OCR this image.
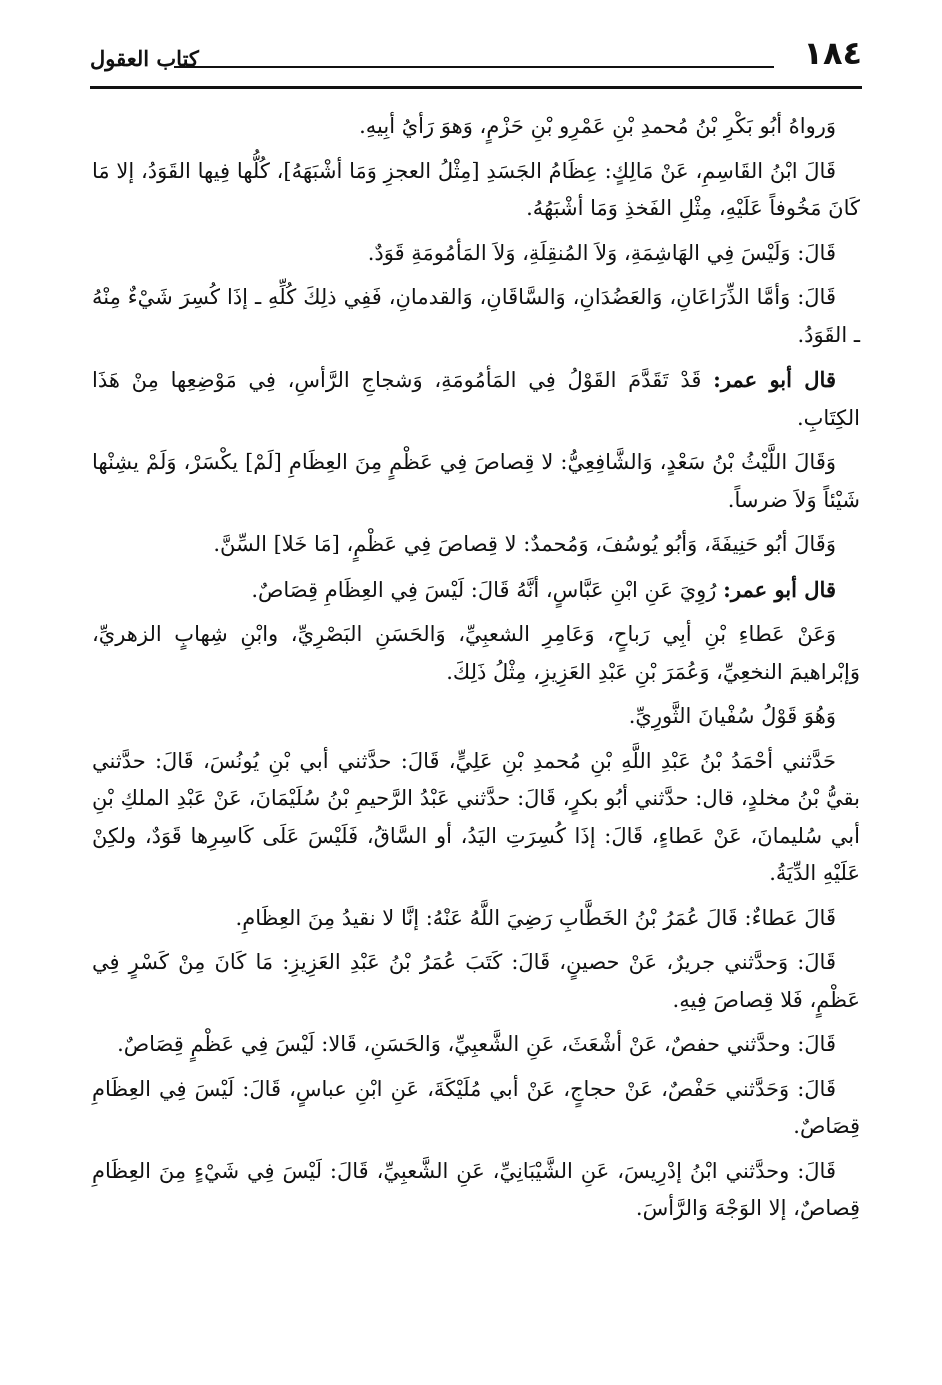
١٨٤
كتاب العقول

وَرواهُ أبُو بَكْرِ بْنُ مُحمدِ بْنِ عَمْرِو بْنِ حَزْمٍ، وَهوَ رَأيُ أبِيهِ.

قَالَ ابْنُ القَاسِمِ، عَنْ مَالِكٍ: عِظَامُ الجَسَدِ [مِثْلُ العجزِ وَمَا أشْبَهَهُ]، كُلُّها فِيها القَوَدُ، إلا مَا كَانَ مَخُوفاً عَلَيْهِ، مِثْلِ الفَخذِ وَمَا أشْبَهُهُ.

قَالَ: وَلَيْسَ فِي الهَاشِمَةِ، وَلاَ المُنقِلَةِ، وَلاَ المَأمُومَةِ قَوَدٌ.

قَالَ: وَأمَّا الذِّرَاعَانِ، وَالعَضُدَانِ، وَالسَّاقَانِ، وَالقدمانِ، فَفِي ذلِكَ كُلِّهِ ـ إذَا كُسِرَ شَيْءٌ مِنْهُ ـ القَوَدُ.

قال أبو عمر: قَدْ تَقَدَّمَ القَوْلُ فِي المَأمُومَةِ، وَشجاجِ الرَّأسِ، فِي مَوْضِعِها مِنْ هَذَا الكِتَابِ.

وَقَالَ اللَّيْثُ بْنُ سَعْدٍ، وَالشَّافِعِيُّ: لا قِصاصَ فِي عَظْمٍ مِنَ العِظَامِ [لَمْ] يكْسَرْ، وَلَمْ يشِنْها شَيْئاً وَلاَ ضرساً.

وَقَالَ أبُو حَنِيفَةَ، وَأبُو يُوسُفَ، وَمُحمدٌ: لا قِصاصَ فِي عَظْمٍ، [مَا خَلا] السِّنَّ.

قال أبو عمر: رُوِيَ عَنِ ابْنِ عَبَّاسٍ، أنَّهُ قَالَ: لَيْسَ فِي العِظَامِ قِصَاصٌ.

وَعَنْ عَطاءِ بْنِ أبِي رَباحٍ، وَعَامِرِ الشعبِيِّ، وَالحَسَنِ البَصْرِيِّ، وابْنِ شِهابٍ الزهريِّ، وَإبْراهيمَ النخعِيِّ، وَعُمَرَ بْنِ عَبْدِ العَزِيزِ، مِثْلُ ذَلِكَ.

وَهُوَ قَوْلُ سُفْيانَ الثَّورِيِّ.

حَدَّثني أحْمَدُ بْنُ عَبْدِ اللَّهِ بْنِ مُحمدِ بْنِ عَلِيٍّ، قَالَ: حدَّثني أبي بْنِ يُونُسَ، قَالَ: حدَّثني بقيُّ بْنُ مخلدٍ، قال: حدَّثني أبُو بكرٍ، قَالَ: حدَّثني عَبْدُ الرَّحيمِ بْنُ سُلَيْمَانَ، عَنْ عَبْدِ الملكِ بْنِ أبي سُليمانَ، عَنْ عَطاءٍ، قَالَ: إذَا كُسِرَتِ اليَدُ، أو السَّاقُ، فَلَيْسَ عَلَى كَاسِرِها قَوَدٌ، ولكِنْ عَلَيْهِ الدِّيَةُ.

قَالَ عَطاءٌ: قَالَ عُمَرُ بْنُ الخَطَّابِ رَضِيَ اللَّهُ عَنْهُ: إنَّا لا نقيدُ مِنَ العِظَامِ.

قَالَ: وَحدَّثني جريرٌ، عَنْ حصينٍ، قَالَ: كَتَبَ عُمَرُ بْنُ عَبْدِ العَزِيزِ: مَا كَانَ مِنْ كَسْرٍ فِي عَظْمٍ، فَلا قِصاصَ فِيهِ.

قَالَ: وحدَّثني حفصٌ، عَنْ أشْعَثَ، عَنِ الشَّعبِيِّ، وَالحَسَنِ، قَالا: لَيْسَ فِي عَظْمٍ قِصَاصٌ.

قَالَ: وَحَدَّثني حَفْصٌ، عَنْ حجاجٍ، عَنْ أبي مُلَيْكَةَ، عَنِ ابْنِ عباسٍ، قَالَ: لَيْسَ فِي العِظَامِ قِصَاصٌ.

قَالَ: وحدَّثني ابْنُ إدْرِيسَ، عَنِ الشَّيْبَانِيِّ، عَنِ الشَّعبِيِّ، قَالَ: لَيْسَ فِي شَيْءٍ مِنَ العِظَامِ قِصاصٌ، إلا الوَجْهَ وَالرَّأسَ.
